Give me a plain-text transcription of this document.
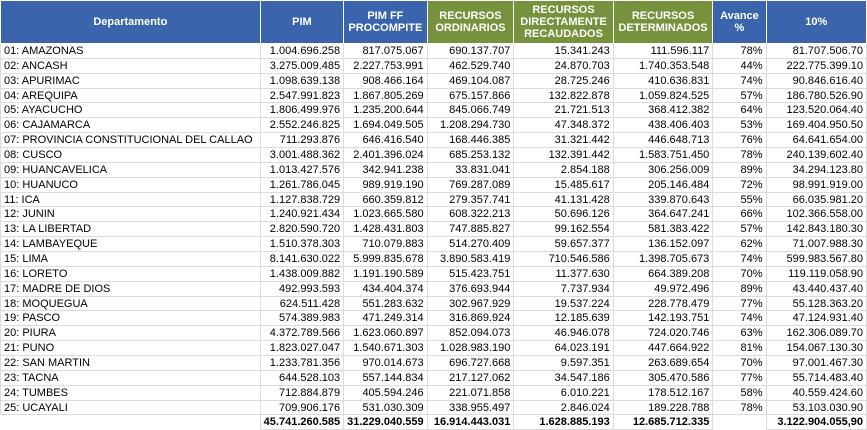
Departamento	PIM	PIM FF PROCOMPITE	RECURSOS ORDINARIOS	RECURSOS DIRECTAMENTE RECAUDADOS	RECURSOS DETERMINADOS	Avance %	10%
01: AMAZONAS	1.004.696.258	817.075.067	690.137.707	15.341.243	111.596.117	78%	81.707.506.70
02: ANCASH	3.275.009.485	2.227.753.991	462.529.740	24.870.703	1.740.353.548	44%	222.775.399.10
03: APURIMAC	1.098.639.138	908.466.164	469.104.087	28.725.246	410.636.831	74%	90.846.616.40
04: AREQUIPA	2.547.991.823	1.867.805.269	675.157.866	132.822.878	1.059.824.525	57%	186.780.526.90
05: AYACUCHO	1.806.499.976	1.235.200.644	845.066.749	21.721.513	368.412.382	64%	123.520.064.40
06: CAJAMARCA	2.552.246.825	1.694.049.505	1.208.294.730	47.348.372	438.406.403	53%	169.404.950.50
07: PROVINCIA CONSTITUCIONAL DEL CALLAO	711.293.876	646.416.540	168.446.385	31.321.442	446.648.713	76%	64.641.654.00
08: CUSCO	3.001.488.362	2.401.396.024	685.253.132	132.391.442	1.583.751.450	78%	240.139.602.40
09: HUANCAVELICA	1.013.427.576	342.941.238	33.831.041	2.854.188	306.256.009	89%	34.294.123.80
10: HUANUCO	1.261.786.045	989.919.190	769.287.089	15.485.617	205.146.484	72%	98.991.919.00
11: ICA	1.127.838.729	660.359.812	279.357.741	41.131.428	339.870.643	55%	66.035.981.20
12: JUNIN	1.240.921.434	1.023.665.580	608.322.213	50.696.126	364.647.241	66%	102.366.558.00
13: LA LIBERTAD	2.820.590.720	1.428.431.803	747.885.827	99.162.554	581.383.422	57%	142.843.180.30
14: LAMBAYEQUE	1.510.378.303	710.079.883	514.270.409	59.657.377	136.152.097	62%	71.007.988.30
15: LIMA	8.141.630.022	5.999.835.678	3.890.583.419	710.546.586	1.398.705.673	74%	599.983.567.80
16: LORETO	1.438.009.882	1.191.190.589	515.423.751	11.377.630	664.389.208	70%	119.119.058.90
17: MADRE DE DIOS	492.993.593	434.404.374	376.693.944	7.737.934	49.972.496	89%	43.440.437.40
18: MOQUEGUA	624.511.428	551.283.632	302.967.929	19.537.224	228.778.479	77%	55.128.363.20
19: PASCO	574.389.983	471.249.314	316.869.924	12.185.639	142.193.751	74%	47.124.931.40
20: PIURA	4.372.789.566	1.623.060.897	852.094.073	46.946.078	724.020.746	63%	162.306.089.70
21: PUNO	1.823.027.047	1.540.671.303	1.028.983.190	64.023.191	447.664.922	81%	154.067.130.30
22: SAN MARTIN	1.233.781.356	970.014.673	696.727.668	9.597.351	263.689.654	70%	97.001.467.30
23: TACNA	644.528.103	557.144.834	217.127.062	34.547.186	305.470.586	77%	55.714.483.40
24: TUMBES	712.884.879	405.594.246	221.071.858	6.010.221	178.512.167	58%	40.559.424.60
25: UCAYALI	709.906.176	531.030.309	338.955.497	2.846.024	189.228.788	78%	53.103.030.90
	45.741.260.585	31.229.040.559	16.914.443.031	1.628.885.193	12.685.712.335		3.122.904.055,90
